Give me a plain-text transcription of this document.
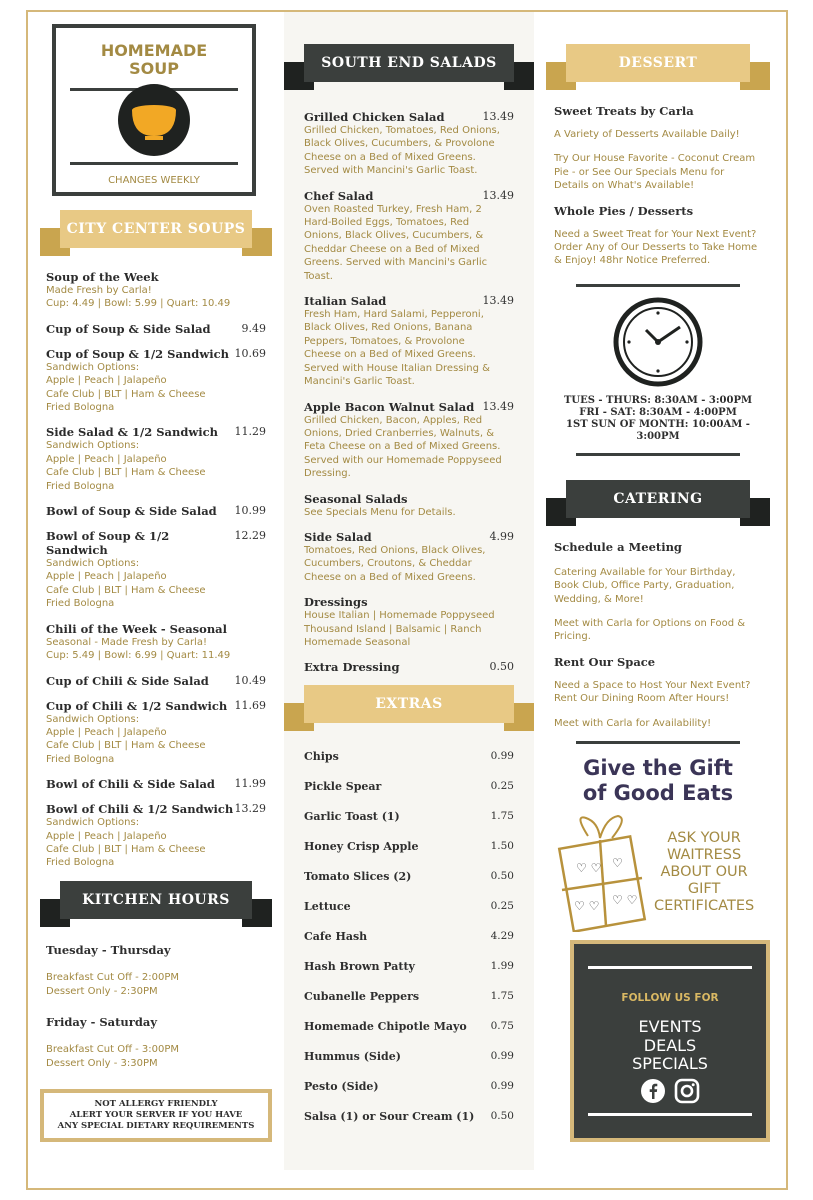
HOMEMADE
SOUP
CHANGES WEEKLY
CITY CENTER SOUPS
Soup of the Week
Made Fresh by Carla!
Cup: 4.49 | Bowl: 5.99 | Quart: 10.49
Cup of Soup & Side Salad	9.49
Cup of Soup & 1/2 Sandwich 10.69
Sandwich Options:
Apple | Peach | Jalapeño
Cafe Club | BLT | Ham & Cheese
Fried Bologna
Side Salad & 1/2 Sandwich 11.29
Sandwich Options:
Apple | Peach | Jalapeño
Cafe Club | BLT | Ham & Cheese
Fried Bologna
Bowl of Soup & Side Salad 10.99
Bowl of Soup & 1/2 Sandwich
12.29
Sandwich Options:
Apple | Peach | Jalapeño
Cafe Club | BLT | Ham & Cheese
Fried Bologna
Chili of the Week - Seasonal
Seasonal - Made Fresh by Carla!
Cup: 5.49 | Bowl: 6.99 | Quart: 11.49
Cup of Chili & Side Salad 10.49
Cup of Chili & 1/2 Sandwich 11.69
Sandwich Options:
Apple | Peach | Jalapeño
Cafe Club | BLT | Ham & Cheese
Fried Bologna
Bowl of Chili & Side Salad 11.99
Bowl of Chili & 1/2 Sandwich 13.29
Sandwich Options:
Apple | Peach | Jalapeño
Cafe Club | BLT | Ham & Cheese
Fried Bologna
KITCHEN HOURS
Tuesday - Thursday
Breakfast Cut Off - 2:00PM
Dessert Only - 2:30PM
Friday - Saturday
Breakfast Cut Off - 3:00PM
Dessert Only - 3:30PM
NOT ALLERGY FRIENDLY
ALERT YOUR SERVER IF YOU HAVE
ANY SPECIAL DIETARY REQUIREMENTS
SOUTH END SALADS
Grilled Chicken Salad	13.49
Grilled Chicken, Tomatoes, Red Onions,
Black Olives, Cucumbers, & Provolone
Cheese on a Bed of Mixed Greens.
Served with Mancini's Garlic Toast.
Chef Salad	13.49
Oven Roasted Turkey, Fresh Ham, 2
Hard-Boiled Eggs, Tomatoes, Red
Onions, Black Olives, Cucumbers, &
Cheddar Cheese on a Bed of Mixed
Greens. Served with Mancini's Garlic
Toast.
Italian Salad	13.49
Fresh Ham, Hard Salami, Pepperoni,
Black Olives, Red Onions, Banana
Peppers, Tomatoes, & Provolone
Cheese on a Bed of Mixed Greens.
Served with House Italian Dressing &
Mancini's Garlic Toast.
Apple Bacon Walnut Salad 13.49
Grilled Chicken, Bacon, Apples, Red
Onions, Dried Cranberries, Walnuts, &
Feta Cheese on a Bed of Mixed Greens.
Served with our Homemade Poppyseed
Dressing.
Seasonal Salads
See Specials Menu for Details.
Side Salad	4.99
Tomatoes, Red Onions, Black Olives,
Cucumbers, Croutons, & Cheddar
Cheese on a Bed of Mixed Greens.
Dressings
House Italian | Homemade Poppyseed
Thousand Island | Balsamic | Ranch
Homemade Seasonal
Extra Dressing	0.50
EXTRAS
Chips	0.99
Pickle Spear	0.25
Garlic Toast (1)	1.75
Honey Crisp Apple	1.50
Tomato Slices (2)	0.50
Lettuce	0.25
Cafe Hash	4.29
Hash Brown Patty	1.99
Cubanelle Peppers	1.75
Homemade Chipotle Mayo 0.75
Hummus (Side)	0.99
Pesto (Side)	0.99
Salsa (1) or Sour Cream (1) 0.50
DESSERT
Sweet Treats by Carla
A Variety of Desserts Available Daily!
Try Our House Favorite - Coconut Cream Pie - or See Our Specials Menu for Details on What's Available!
Whole Pies / Desserts
Need a Sweet Treat for Your Next Event? Order Any of Our Desserts to Take Home & Enjoy! 48hr Notice Preferred.
TUES - THURS: 8:30AM - 3:00PM
FRI - SAT: 8:30AM - 4:00PM
1ST SUN OF MONTH: 10:00AM - 3:00PM
CATERING
Schedule a Meeting
Catering Available for Your Birthday, Book Club, Office Party, Graduation, Wedding, & More!
Meet with Carla for Options on Food & Pricing.
Rent Our Space
Need a Space to Host Your Next Event? Rent Our Dining Room After Hours!
Meet with Carla for Availability!
Give the Gift
of Good Eats
♡ ♡ ♡
♡ ♡ ♡ ♡
ASK YOUR
WAITRESS
ABOUT OUR
GIFT
CERTIFICATES
FOLLOW US FOR
EVENTS
DEALS
SPECIALS
